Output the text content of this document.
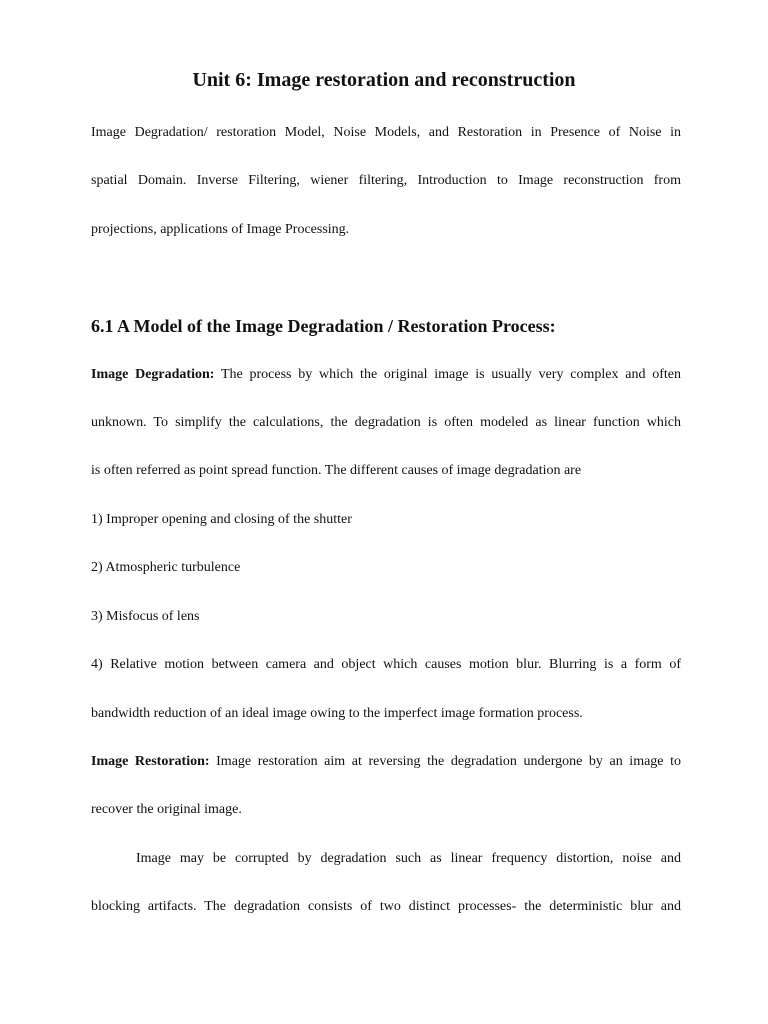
Unit 6: Image restoration and reconstruction
Image Degradation/ restoration Model, Noise Models, and Restoration in Presence of Noise in
spatial Domain. Inverse Filtering, wiener filtering, Introduction to Image reconstruction from
projections, applications of Image Processing.
6.1 A Model of the Image Degradation / Restoration Process:
Image Degradation: The process by which the original image is usually very complex and often
unknown. To simplify the calculations, the degradation is often modeled as linear function which
is often referred as point spread function. The different causes of image degradation are
1) Improper opening and closing of the shutter
2) Atmospheric turbulence
3) Misfocus of lens
4) Relative motion between camera and object which causes motion blur. Blurring is a form of
bandwidth reduction of an ideal image owing to the imperfect image formation process.
Image Restoration: Image restoration aim at reversing the degradation undergone by an image to
recover the original image.
Image may be corrupted by degradation such as linear frequency distortion, noise and
blocking artifacts. The degradation consists of two distinct processes- the deterministic blur and
